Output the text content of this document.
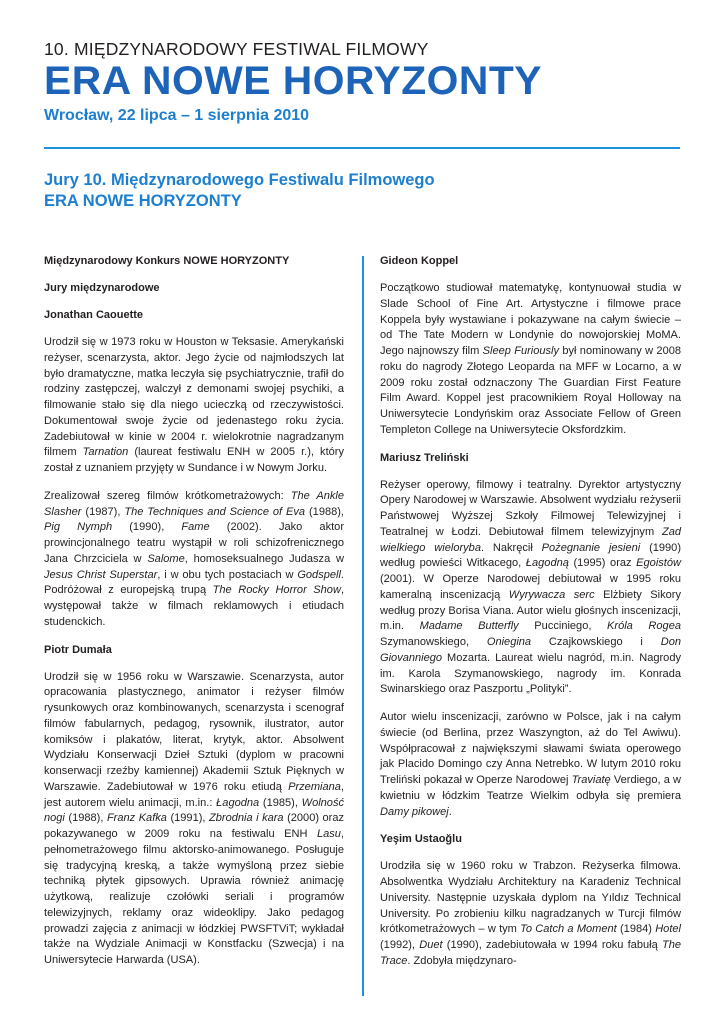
10. MIĘDZYNARODOWY FESTIWAL FILMOWY
ERA NOWE HORYZONTY
Wrocław, 22 lipca – 1 sierpnia 2010
Jury 10. Międzynarodowego Festiwalu Filmowego
ERA NOWE HORYZONTY
Międzynarodowy Konkurs NOWE HORYZONTY
Jury międzynarodowe
Jonathan Caouette

Urodził się w 1973 roku w Houston w Teksasie. Amerykański reżyser, scenarzysta, aktor. Jego życie od najmłodszych lat było dramatyczne, matka leczyła się psychiatrycznie, trafił do rodziny zastępczej, walczył z demonami swojej psychiki, a filmowanie stało się dla niego ucieczką od rzeczywistości. Dokumentował swoje życie od jedenastego roku życia. Zadebiutował w kinie w 2004 r. wielokrotnie nagradzanym filmem Tarnation (laureat festiwalu ENH w 2005 r.), który został z uznaniem przyjęty w Sundance i w Nowym Jorku.

Zrealizował szereg filmów krótkometrażowych: The Ankle Slasher (1987), The Techniques and Science of Eva (1988), Pig Nymph (1990), Fame (2002). Jako aktor prowincjonalnego teatru wystąpił w roli schizofrenicznego Jana Chrzciciela w Salome, homoseksualnego Judasza w Jesus Christ Superstar, i w obu tych postaciach w Godspell. Podróżował z europejską trupą The Rocky Horror Show, występował także w filmach reklamowych i etiudach studenckich.

Piotr Dumała

Urodził się w 1956 roku w Warszawie. Scenarzysta, autor opracowania plastycznego, animator i reżyser filmów rysunkowych oraz kombinowanych, scenarzysta i scenograf filmów fabularnych, pedagog, rysownik, ilustrator, autor komiksów i plakatów, literat, krytyk, aktor. Absolwent Wydziału Konserwacji Dzieł Sztuki (dyplom w pracowni konserwacji rzeźby kamiennej) Akademii Sztuk Pięknych w Warszawie. Zadebiutował w 1976 roku etiudą Przemiana, jest autorem wielu animacji, m.in.: Łagodna (1985), Wolność nogi (1988), Franz Kafka (1991), Zbrodnia i kara (2000) oraz pokazywanego w 2009 roku na festiwalu ENH Lasu, pełnometrażowego filmu aktorsko-animowanego. Posługuje się tradycyjną kreską, a także wymyśloną przez siebie techniką płytek gipsowych. Uprawia również animację użytkową, realizuje czołówki seriali i programów telewizyjnych, reklamy oraz wideoklipy. Jako pedagog prowadzi zajęcia z animacji w łódzkiej PWSFTViT; wykładał także na Wydziale Animacji w Konstfacku (Szwecja) i na Uniwersytecie Harwarda (USA).

Gideon Koppel

Początkowo studiował matematykę, kontynuował studia w Slade School of Fine Art. Artystyczne i filmowe prace Koppela były wystawiane i pokazywane na całym świecie – od The Tate Modern w Londynie do nowojorskiej MoMA. Jego najnowszy film Sleep Furiously był nominowany w 2008 roku do nagrody Złotego Leoparda na MFF w Locarno, a w 2009 roku został odznaczony The Guardian First Feature Film Award. Koppel jest pracownikiem Royal Holloway na Uniwersytecie Londyńskim oraz Associate Fellow of Green Templeton College na Uniwersytecie Oksfordzkim.

Mariusz Treliński

Reżyser operowy, filmowy i teatralny. Dyrektor artystyczny Opery Narodowej w Warszawie. Absolwent wydziału reżyserii Państwowej Wyższej Szkoły Filmowej Telewizyjnej i Teatralnej w Łodzi. Debiutował filmem telewizyjnym Zad wielkiego wieloryba. Nakręcił Pożegnanie jesieni (1990) według powieści Witkacego, Łagodną (1995) oraz Egoistów (2001). W Operze Narodowej debiutował w 1995 roku kameralną inscenizacją Wyrywacza serc Elżbiety Sikory według prozy Borisa Viana. Autor wielu głośnych inscenizacji, m.in. Madame Butterfly Pucciniego, Króla Rogea Szymanowskiego, Onieginа Czajkowskiego i Don Giovanniego Mozarta. Laureat wielu nagród, m.in. Nagrody im. Karola Szymanowskiego, nagrody im. Konrada Swinarskiego oraz Paszportu „Polityki”.

Autor wielu inscenizacji, zarówno w Polsce, jak i na całym świecie (od Berlina, przez Waszyngton, aż do Tel Awiwu). Współpracował z największymi sławami świata operowego jak Placido Domingo czy Anna Netrebko. W lutym 2010 roku Treliński pokazał w Operze Narodowej Traviatę Verdiego, a w kwietniu w łódzkim Teatrze Wielkim odbyła się premiera Damy pikowej.

Yeşim Ustaoğlu

Urodziła się w 1960 roku w Trabzon. Reżyserka filmowa. Absolwentka Wydziału Architektury na Karadeniz Technical University. Następnie uzyskała dyplom na Yıldız Technical University. Po zrobieniu kilku nagradzanych w Turcji filmów krótkometrażowych – w tym To Catch a Moment (1984) Hotel (1992), Duet (1990), zadebiutowała w 1994 roku fabułą The Trace. Zdobyła międzynaro-
